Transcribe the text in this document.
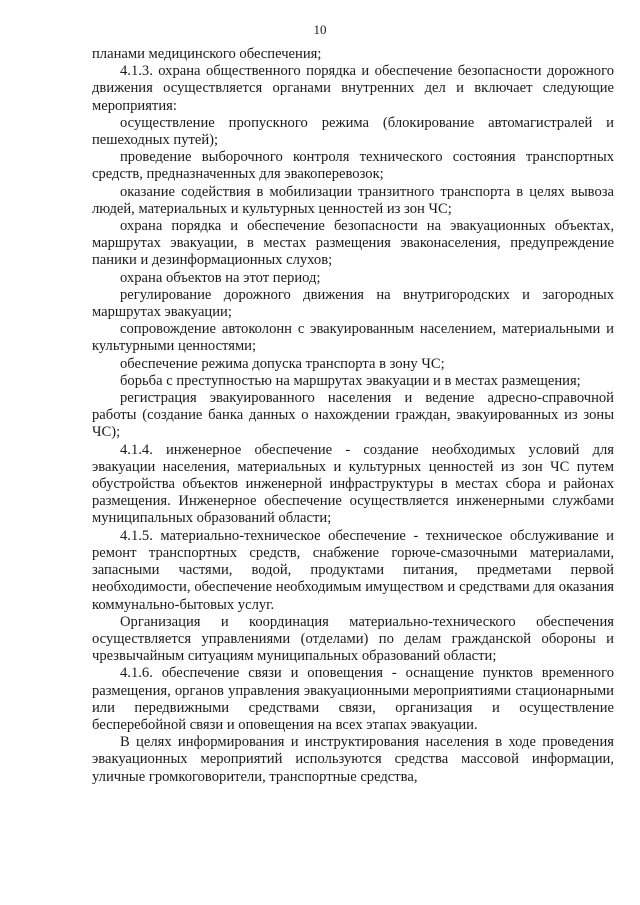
10

планами медицинского обеспечения;

4.1.3. охрана общественного порядка и обеспечение безопасности дорожного движения осуществляется органами внутренних дел и включает следующие мероприятия:

осуществление пропускного режима (блокирование автомагистралей и пешеходных путей);

проведение выборочного контроля технического состояния транспортных средств, предназначенных для эвакоперевозок;

оказание содействия в мобилизации транзитного транспорта в целях вывоза людей, материальных и культурных ценностей из зон ЧС;

охрана порядка и обеспечение безопасности на эвакуационных объектах, маршрутах эвакуации, в местах размещения эваконаселения, предупреждение паники и дезинформационных слухов;

охрана объектов на этот период;

регулирование дорожного движения на внутригородских и загородных маршрутах эвакуации;

сопровождение автоколонн с эвакуированным населением, материальными и культурными ценностями;

обеспечение режима допуска транспорта в зону ЧС;

борьба с преступностью на маршрутах эвакуации и в местах размещения;

регистрация эвакуированного населения и ведение адресно-справочной работы (создание банка данных о нахождении граждан, эвакуированных из зоны ЧС);

4.1.4. инженерное обеспечение - создание необходимых условий для эвакуации населения, материальных и культурных ценностей из зон ЧС путем обустройства объектов инженерной инфраструктуры в местах сбора и районах размещения. Инженерное обеспечение осуществляется инженерными службами муниципальных образований области;

4.1.5. материально-техническое обеспечение - техническое обслуживание и ремонт транспортных средств, снабжение горюче-смазочными материалами, запасными частями, водой, продуктами питания, предметами первой необходимости, обеспечение необходимым имуществом и средствами для оказания коммунально-бытовых услуг.

Организация и координация материально-технического обеспечения осуществляется управлениями (отделами) по делам гражданской обороны и чрезвычайным ситуациям муниципальных образований области;

4.1.6. обеспечение связи и оповещения - оснащение пунктов временного размещения, органов управления эвакуационными мероприятиями стационарными или передвижными средствами связи, организация и осуществление бесперебойной связи и оповещения на всех этапах эвакуации.

В целях информирования и инструктирования населения в ходе проведения эвакуационных мероприятий используются средства массовой информации, уличные громкоговорители, транспортные средства,
